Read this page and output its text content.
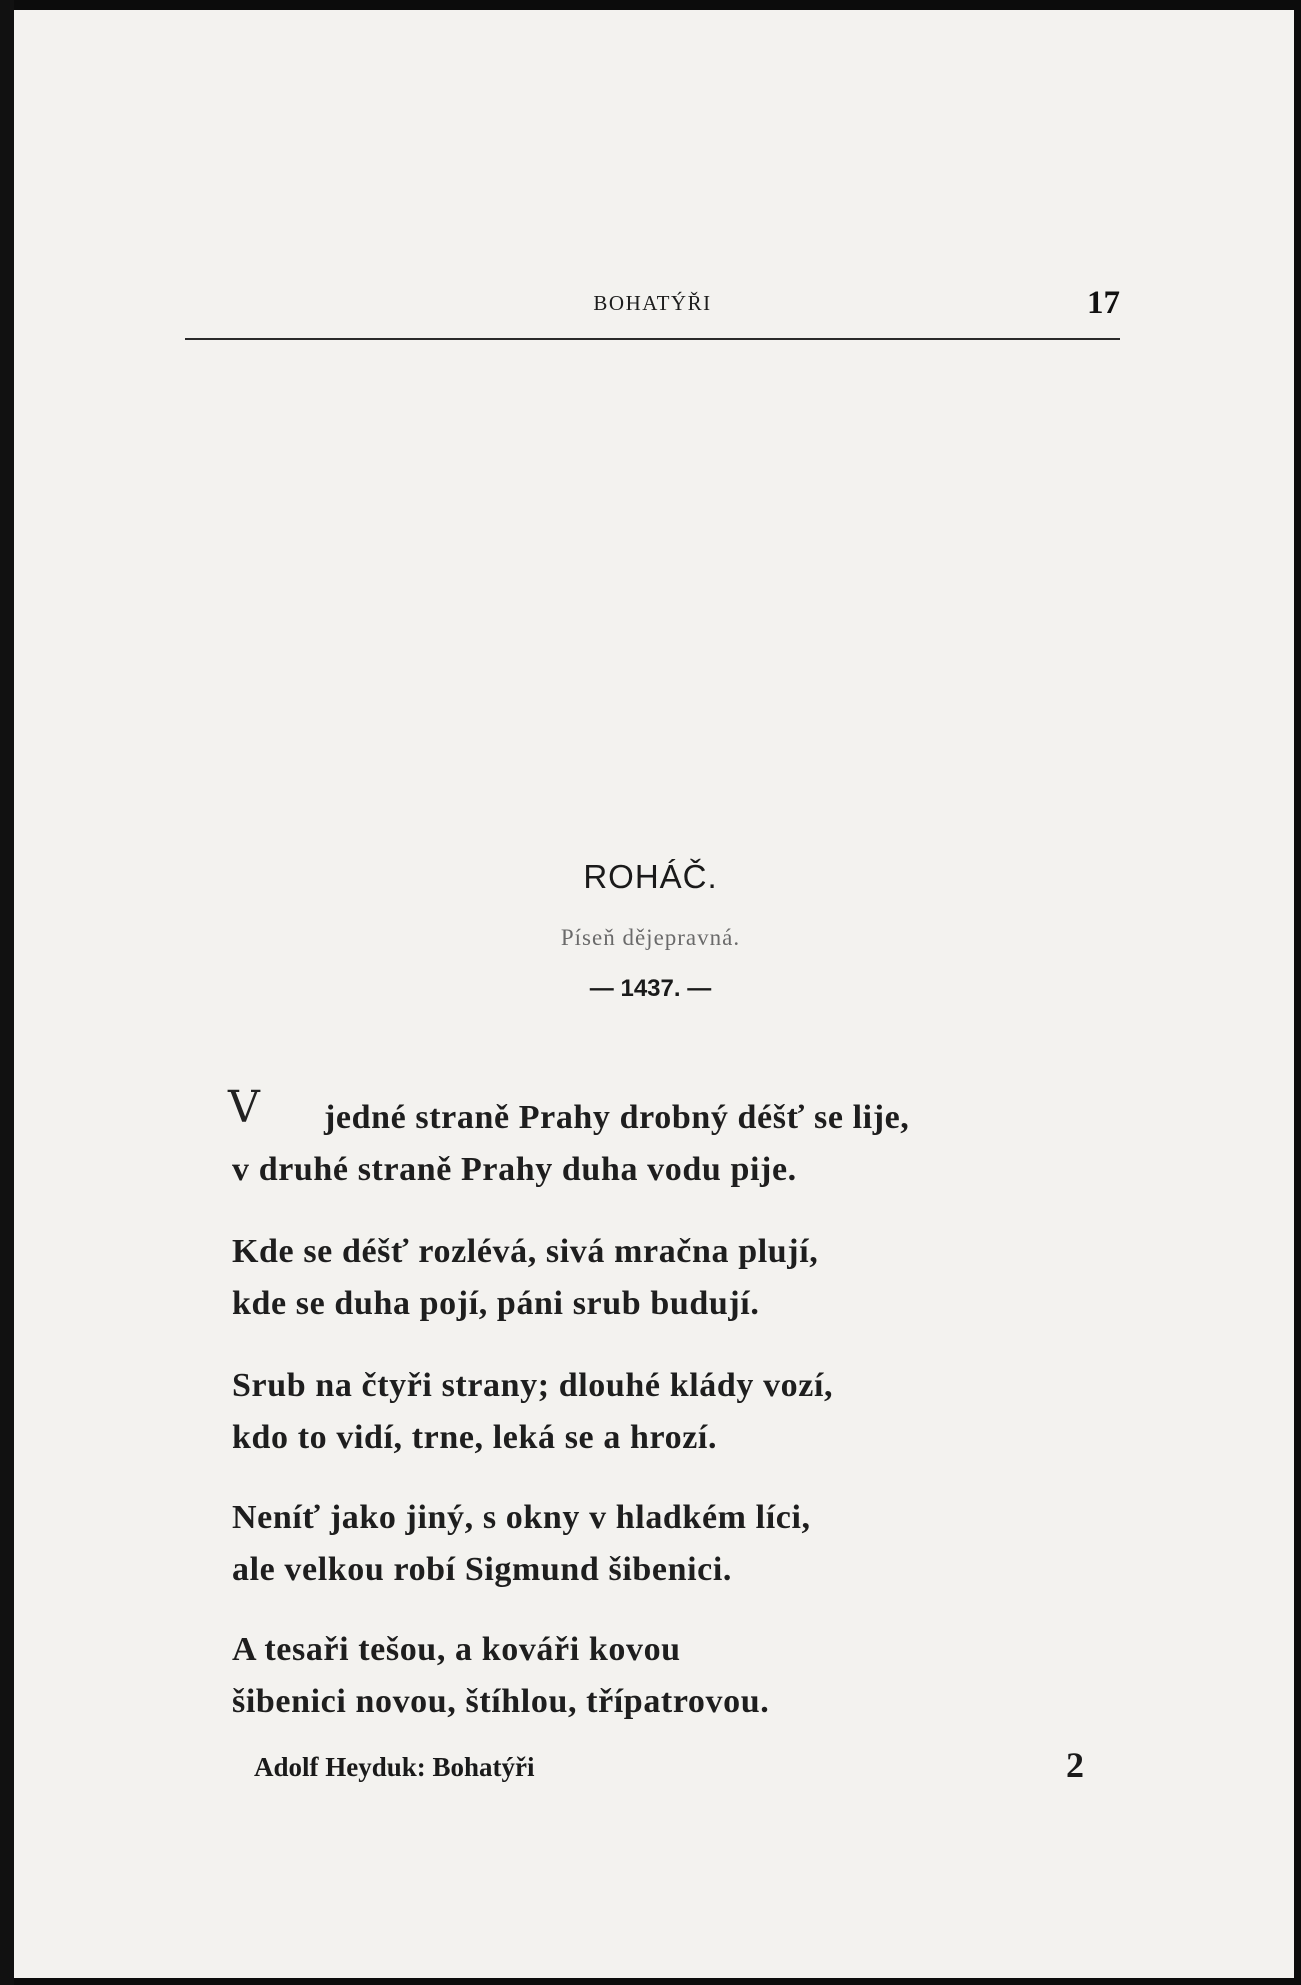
BOHATÝŘI	17
ROHÁČ.
Píseň dějepravná.
— 1437. —
V	jedné straně Prahy drobný déšť se lije,
v druhé straně Prahy duha vodu pije.
Kde se déšť rozlévá, sivá mračna plují,
kde se duha pojí, páni srub budují.
Srub na čtyři strany; dlouhé klády vozí,
kdo to vidí, trne, leká se a hrozí.
Neníť jako jiný, s okny v hladkém líci,
ale velkou robí Sigmund šibenici.
A tesaři tešou, a kováři kovou
šibenici novou, štíhlou, třípatrovou.
Adolf Heyduk: Bohatýři	2
